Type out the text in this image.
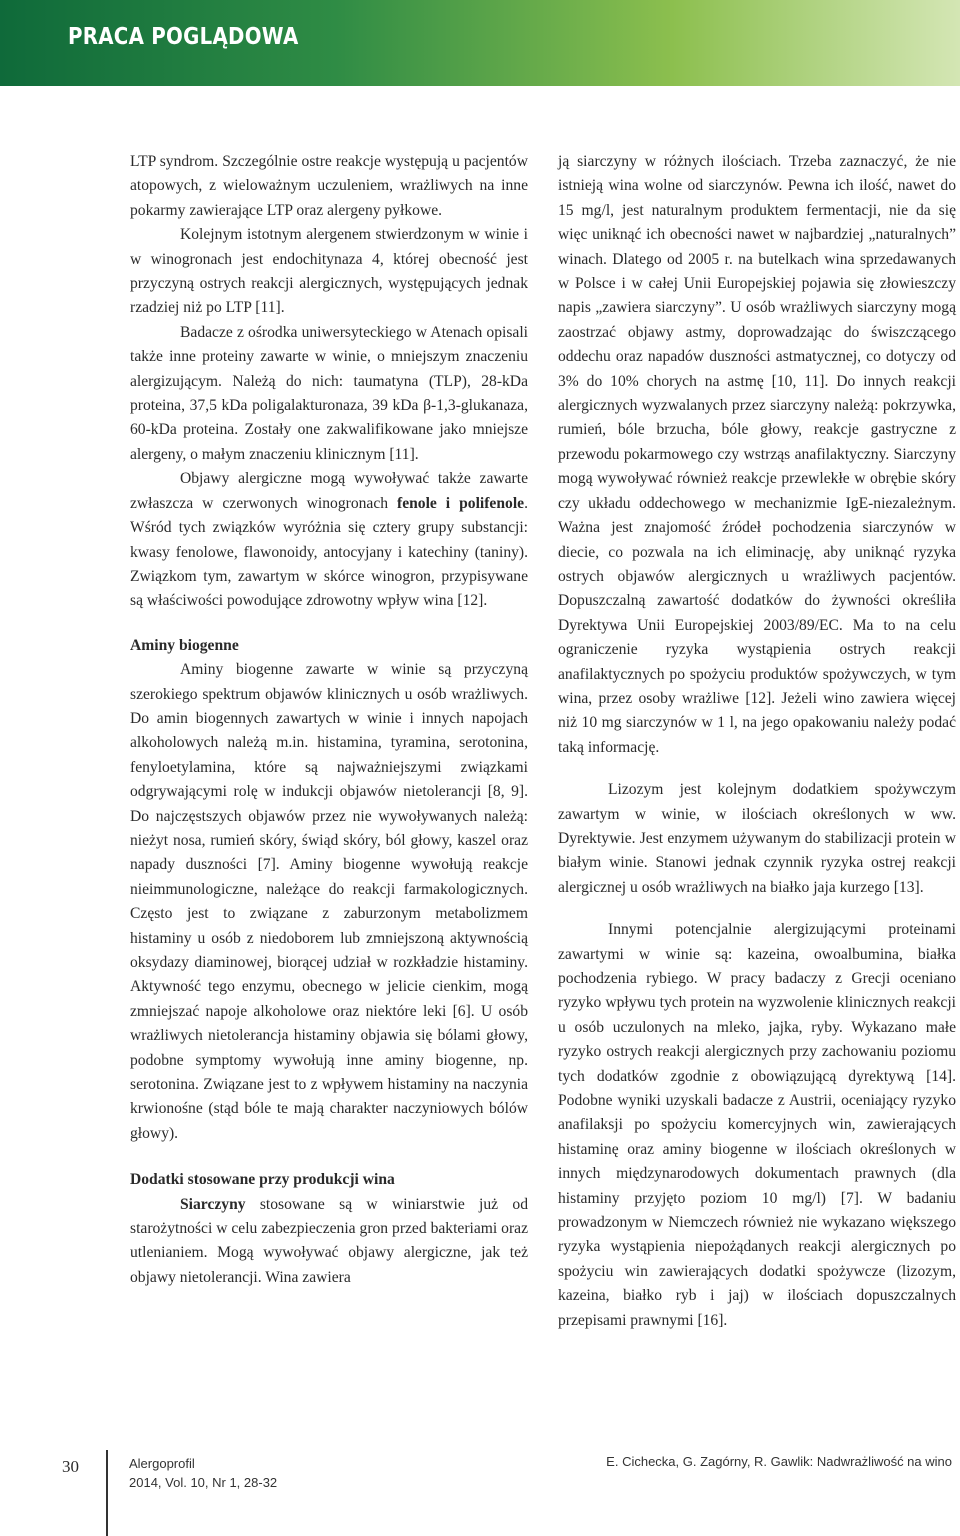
PRACA POGLĄDOWA

LTP syndrom. Szczególnie ostre reakcje występują u pacjentów atopowych, z wieloważnym uczuleniem, wrażliwych na inne pokarmy zawierające LTP oraz alergeny pyłkowe.

Kolejnym istotnym alergenem stwierdzonym w winie i w winogronach jest endochitynaza 4, której obecność jest przyczyną ostrych reakcji alergicznych, występujących jednak rzadziej niż po LTP [11].

Badacze z ośrodka uniwersyteckiego w Atenach opisali także inne proteiny zawarte w winie, o mniejszym znaczeniu alergizującym. Należą do nich: taumatyna (TLP), 28-kDa proteina, 37,5 kDa poligalakturonaza, 39 kDa β-1,3-glukanaza, 60-kDa proteina. Zostały one zakwalifikowane jako mniejsze alergeny, o małym znaczeniu klinicznym [11].

Objawy alergiczne mogą wywoływać także zawarte zwłaszcza w czerwonych winogronach fenole i polifenole. Wśród tych związków wyróżnia się cztery grupy substancji: kwasy fenolowe, flawonoidy, antocyjany i katechiny (taniny). Związkom tym, zawartym w skórce winogron, przypisywane są właściwości powodujące zdrowotny wpływ wina [12].

Aminy biogenne

Aminy biogenne zawarte w winie są przyczyną szerokiego spektrum objawów klinicznych u osób wrażliwych. Do amin biogennych zawartych w winie i innych napojach alkoholowych należą m.in. histamina, tyramina, serotonina, fenyloetylamina, które są najważniejszymi związkami odgrywającymi rolę w indukcji objawów nietolerancji [8, 9]. Do najczęstszych objawów przez nie wywoływanych należą: nieżyt nosa, rumień skóry, świąd skóry, ból głowy, kaszel oraz napady duszności [7]. Aminy biogenne wywołują reakcje nieimmunologiczne, należące do reakcji farmakologicznych. Często jest to związane z zaburzonym metabolizmem histaminy u osób z niedoborem lub zmniejszoną aktywnością oksydazy diaminowej, biorącej udział w rozkładzie histaminy. Aktywność tego enzymu, obecnego w jelicie cienkim, mogą zmniejszać napoje alkoholowe oraz niektóre leki [6]. U osób wrażliwych nietolerancja histaminy objawia się bólami głowy, podobne symptomy wywołują inne aminy biogenne, np. serotonina. Związane jest to z wpływem histaminy na naczynia krwionośne (stąd bóle te mają charakter naczyniowych bólów głowy).

Dodatki stosowane przy produkcji wina

Siarczyny stosowane są w winiarstwie już od starożytności w celu zabezpieczenia gron przed bakteriami oraz utlenianiem. Mogą wywoływać objawy alergiczne, jak też objawy nietolerancji. Wina zawiera

ją siarczyny w różnych ilościach. Trzeba zaznaczyć, że nie istnieją wina wolne od siarczynów. Pewna ich ilość, nawet do 15 mg/l, jest naturalnym produktem fermentacji, nie da się więc uniknąć ich obecności nawet w najbardziej „naturalnych” winach. Dlatego od 2005 r. na butelkach wina sprzedawanych w Polsce i w całej Unii Europejskiej pojawia się złowieszczy napis „zawiera siarczyny”. U osób wrażliwych siarczyny mogą zaostrzać objawy astmy, doprowadzając do świszczącego oddechu oraz napadów duszności astmatycznej, co dotyczy od 3% do 10% chorych na astmę [10, 11]. Do innych reakcji alergicznych wyzwalanych przez siarczyny należą: pokrzywka, rumień, bóle brzucha, bóle głowy, reakcje gastryczne z przewodu pokarmowego czy wstrząs anafilaktyczny. Siarczyny mogą wywoływać również reakcje przewlekłe w obrębie skóry czy układu oddechowego w mechanizmie IgE-niezależnym. Ważna jest znajomość źródeł pochodzenia siarczynów w diecie, co pozwala na ich eliminację, aby uniknąć ryzyka ostrych objawów alergicznych u wrażliwych pacjentów. Dopuszczalną zawartość dodatków do żywności określiła Dyrektywa Unii Europejskiej 2003/89/EC. Ma to na celu ograniczenie ryzyka wystąpienia ostrych reakcji anafilaktycznych po spożyciu produktów spożywczych, w tym wina, przez osoby wrażliwe [12]. Jeżeli wino zawiera więcej niż 10 mg siarczynów w 1 l, na jego opakowaniu należy podać taką informację.

Lizozym jest kolejnym dodatkiem spożywczym zawartym w winie, w ilościach określonych w ww. Dyrektywie. Jest enzymem używanym do stabilizacji protein w białym winie. Stanowi jednak czynnik ryzyka ostrej reakcji alergicznej u osób wrażliwych na białko jaja kurzego [13].

Innymi potencjalnie alergizującymi proteinami zawartymi w winie są: kazeina, owoalbumina, białka pochodzenia rybiego. W pracy badaczy z Grecji oceniano ryzyko wpływu tych protein na wyzwolenie klinicznych reakcji u osób uczulonych na mleko, jajka, ryby. Wykazano małe ryzyko ostrych reakcji alergicznych przy zachowaniu poziomu tych dodatków zgodnie z obowiązującą dyrektywą [14]. Podobne wyniki uzyskali badacze z Austrii, oceniający ryzyko anafilaksji po spożyciu komercyjnych win, zawierających histaminę oraz aminy biogenne w ilościach określonych w innych międzynarodowych dokumentach prawnych (dla histaminy przyjęto poziom 10 mg/l) [7]. W badaniu prowadzonym w Niemczech również nie wykazano większego ryzyka wystąpienia niepożądanych reakcji alergicznych po spożyciu win zawierających dodatki spożywcze (lizozym, kazeina, białko ryb i jaj) w ilościach dopuszczalnych przepisami prawnymi [16].

30	Alergoprofil
2014, Vol. 10, Nr 1, 28-32
E. Cichecka, G. Zagórny, R. Gawlik: Nadwrażliwość na wino
